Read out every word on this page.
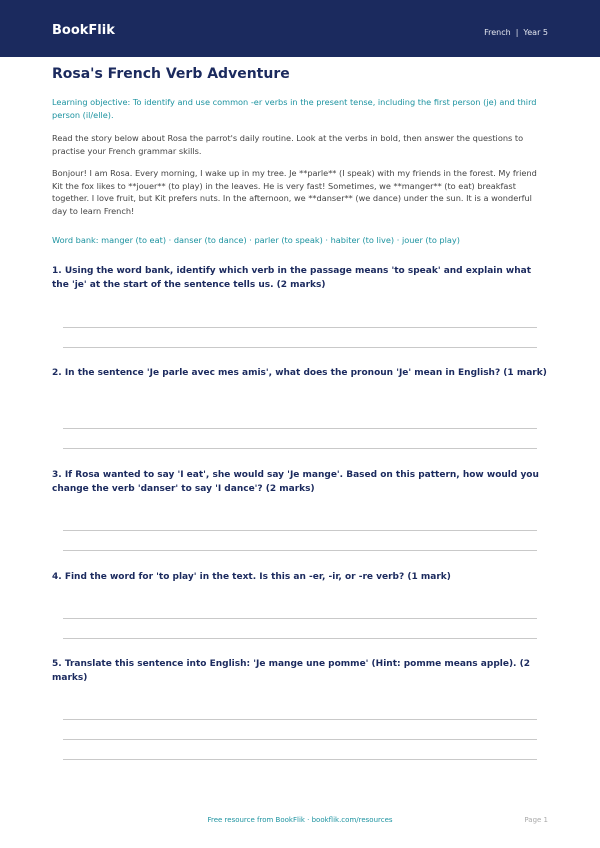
BookFlik	French | Year 5
Rosa's French Verb Adventure
Learning objective: To identify and use common -er verbs in the present tense, including the first person (je) and third person (il/elle).
Read the story below about Rosa the parrot's daily routine. Look at the verbs in bold, then answer the questions to practise your French grammar skills.
Bonjour! I am Rosa. Every morning, I wake up in my tree. Je **parle** (I speak) with my friends in the forest. My friend Kit the fox likes to **jouer** (to play) in the leaves. He is very fast! Sometimes, we **manger** (to eat) breakfast together. I love fruit, but Kit prefers nuts. In the afternoon, we **danser** (we dance) under the sun. It is a wonderful day to learn French!
Word bank: manger (to eat) · danser (to dance) · parler (to speak) · habiter (to live) · jouer (to play)
1. Using the word bank, identify which verb in the passage means 'to speak' and explain what the 'je' at the start of the sentence tells us. (2 marks)
2. In the sentence 'Je parle avec mes amis', what does the pronoun 'Je' mean in English? (1 mark)
3. If Rosa wanted to say 'I eat', she would say 'Je mange'. Based on this pattern, how would you change the verb 'danser' to say 'I dance'? (2 marks)
4. Find the word for 'to play' in the text. Is this an -er, -ir, or -re verb? (1 mark)
5. Translate this sentence into English: 'Je mange une pomme' (Hint: pomme means apple). (2 marks)
Free resource from BookFlik · bookflik.com/resources	Page 1
